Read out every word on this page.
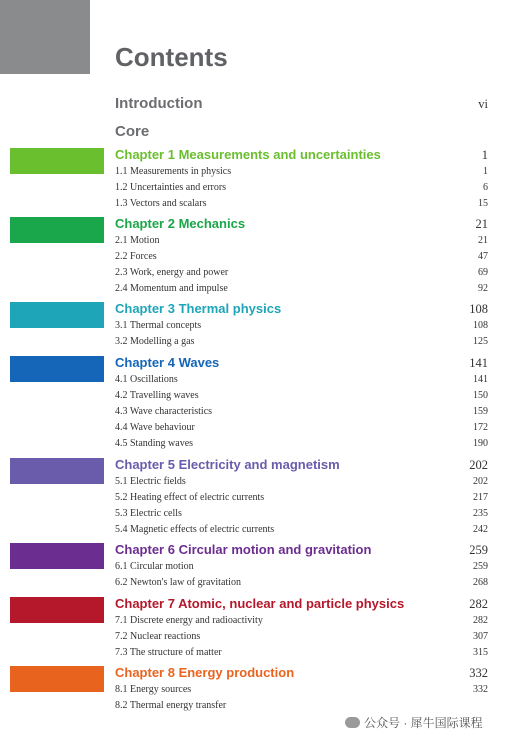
Contents
Introduction	vi
Core
Chapter 1 Measurements and uncertainties	1
1.1 Measurements in physics	1
1.2 Uncertainties and errors	6
1.3 Vectors and scalars	15
Chapter 2 Mechanics	21
2.1 Motion	21
2.2 Forces	47
2.3 Work, energy and power	69
2.4 Momentum and impulse	92
Chapter 3 Thermal physics	108
3.1 Thermal concepts	108
3.2 Modelling a gas	125
Chapter 4 Waves	141
4.1 Oscillations	141
4.2 Travelling waves	150
4.3 Wave characteristics	159
4.4 Wave behaviour	172
4.5 Standing waves	190
Chapter 5 Electricity and magnetism	202
5.1 Electric fields	202
5.2 Heating effect of electric currents	217
5.3 Electric cells	235
5.4 Magnetic effects of electric currents	242
Chapter 6 Circular motion and gravitation	259
6.1 Circular motion	259
6.2 Newton's law of gravitation	268
Chapter 7 Atomic, nuclear and particle physics	282
7.1 Discrete energy and radioactivity	282
7.2 Nuclear reactions	307
7.3 The structure of matter	315
Chapter 8 Energy production	332
8.1 Energy sources	332
8.2 Thermal energy transfer
公众号 · 犀牛国际课程
